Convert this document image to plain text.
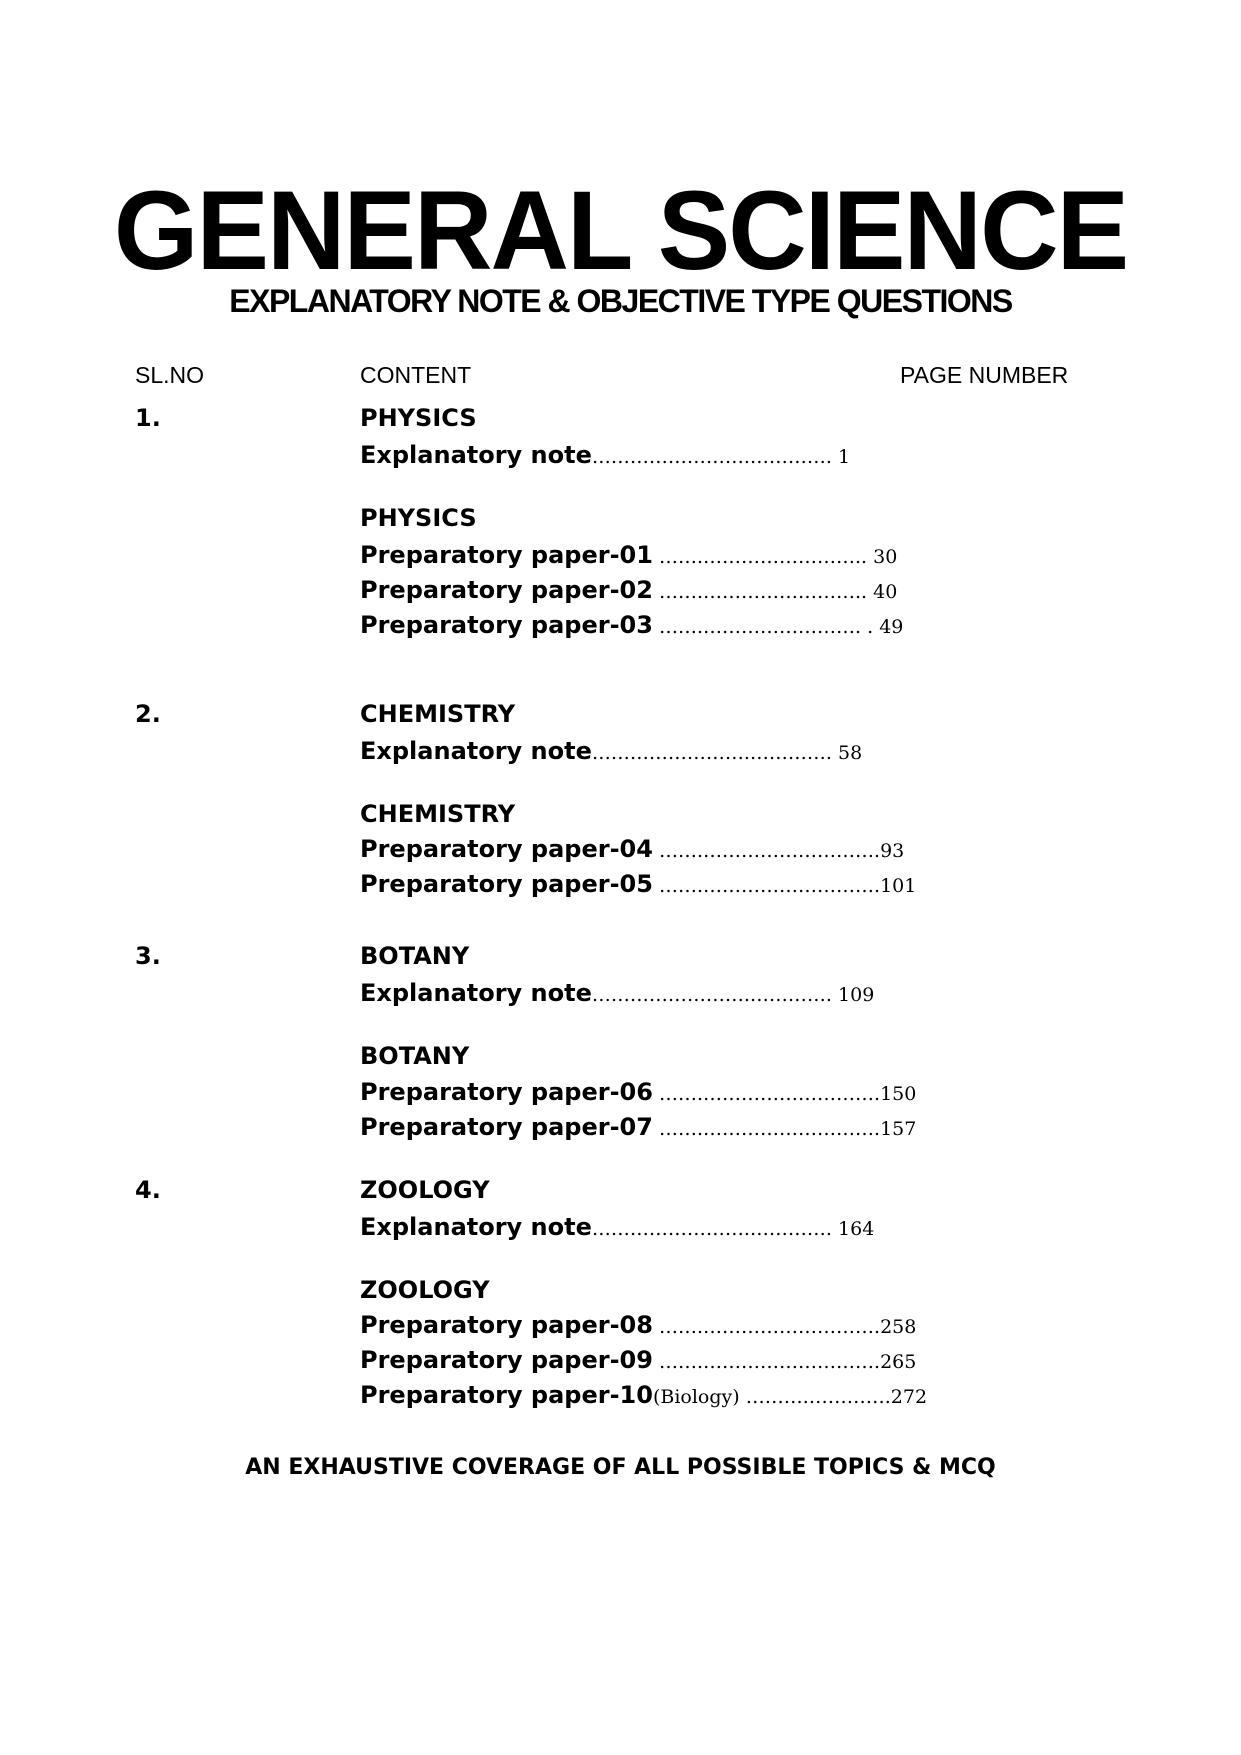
GENERAL SCIENCE
EXPLANATORY NOTE & OBJECTIVE TYPE QUESTIONS
SL.NO	CONTENT	PAGE NUMBER
1.	PHYSICS
Explanatory note…………………….…………. 1
PHYSICS
Preparatory paper-01 …….…………………….. 30
Preparatory paper-02 …….…………………….. 40
Preparatory paper-03 …….……………………. . 49
2.	CHEMISTRY
Explanatory note…………………….…………. 58
CHEMISTRY
Preparatory paper-04 …….……………………….93
Preparatory paper-05 …….……………………….101
3.	BOTANY
Explanatory note…………………….…………. 109
BOTANY
Preparatory paper-06 …….……………………….150
Preparatory paper-07 …….……………………….157
4.	ZOOLOGY
Explanatory note…………………….…………. 164
ZOOLOGY
Preparatory paper-08 …….……………………….258
Preparatory paper-09 …….……………………….265
Preparatory paper-10(Biology) ……….………….272
AN EXHAUSTIVE COVERAGE OF ALL POSSIBLE TOPICS & MCQ
